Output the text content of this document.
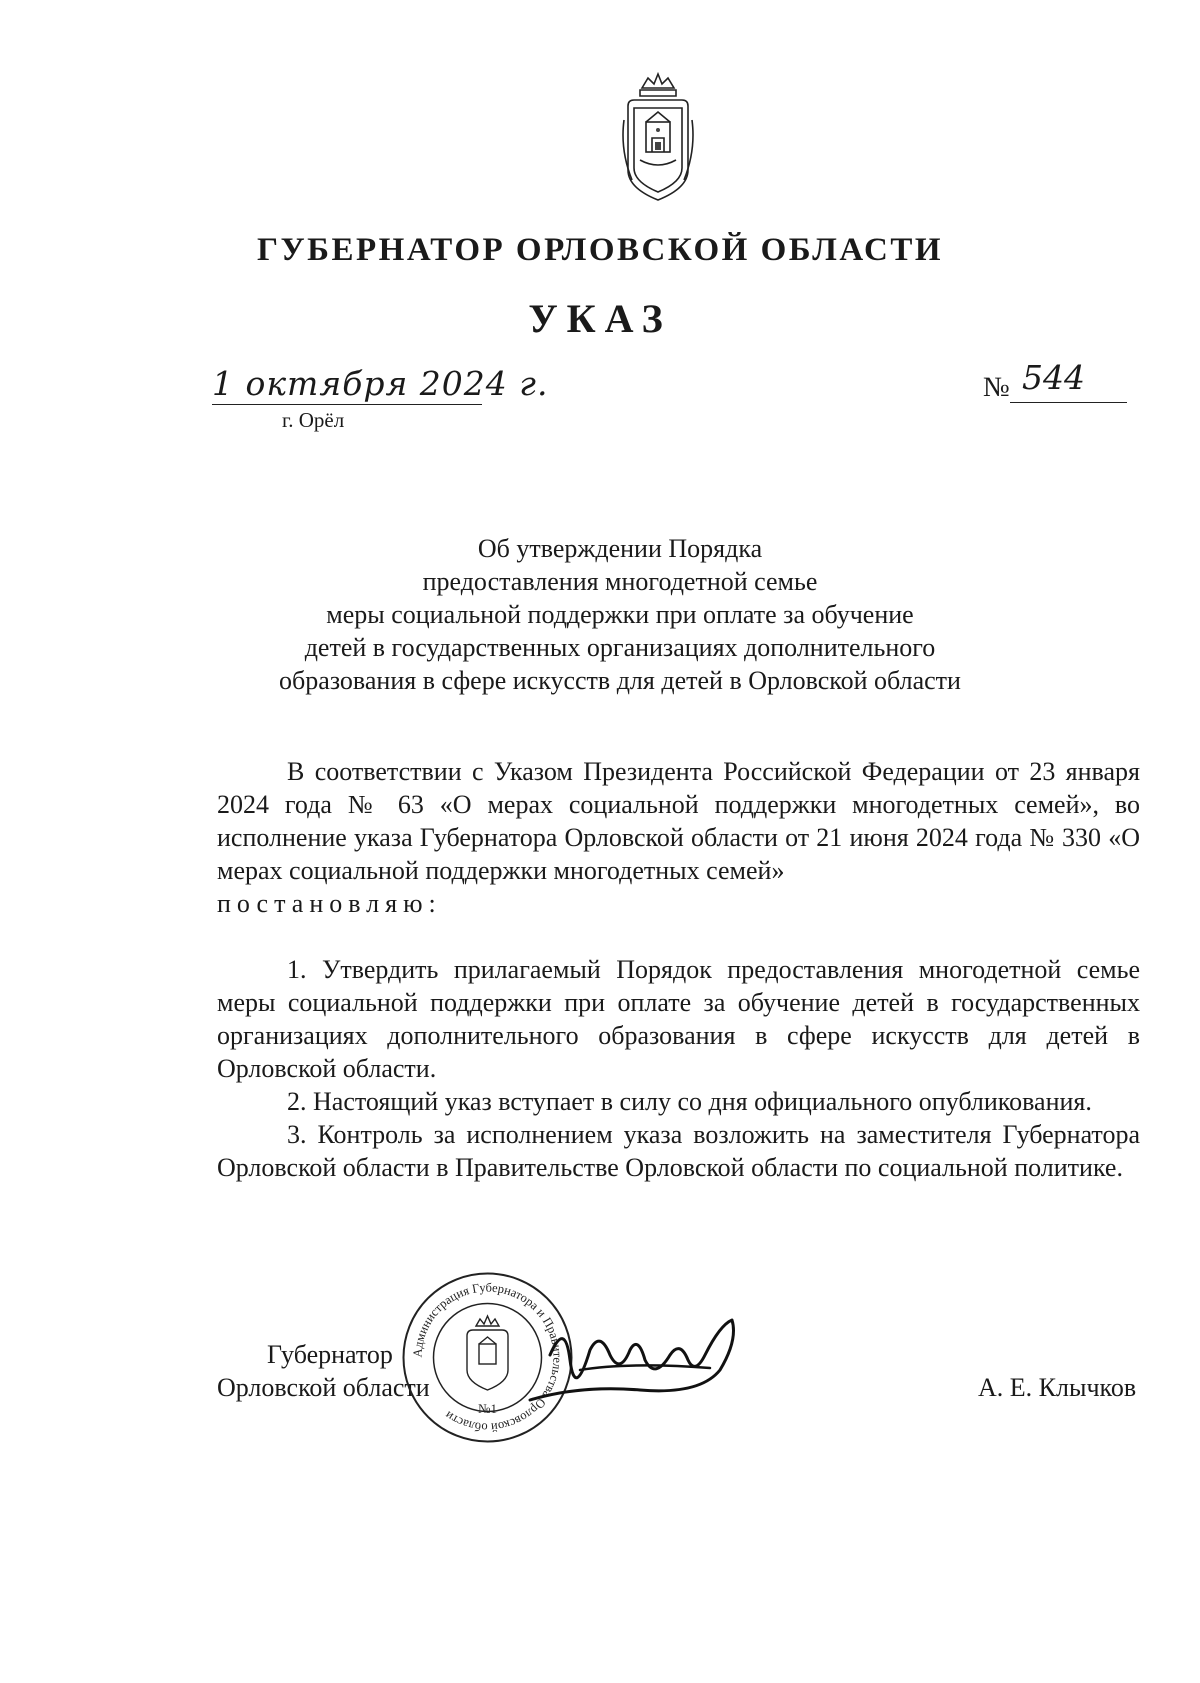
ГУБЕРНАТОР ОРЛОВСКОЙ ОБЛАСТИ
УКАЗ
1 октября 2024 г.
г. Орёл
№ 544
Об утверждении Порядка
предоставления многодетной семье
меры социальной поддержки при оплате за обучение
детей в государственных организациях дополнительного
образования в сфере искусств для детей в Орловской области
В соответствии с Указом Президента Российской Федерации от 23 января 2024 года № 63 «О мерах социальной поддержки многодетных семей», во исполнение указа Губернатора Орловской области от 21 июня 2024 года № 330 «О мерах социальной поддержки многодетных семей»
постановляю:
1. Утвердить прилагаемый Порядок предоставления многодетной семье меры социальной поддержки при оплате за обучение детей в государственных организациях дополнительного образования в сфере искусств для детей в Орловской области.
2. Настоящий указ вступает в силу со дня официального опубликования.
3. Контроль за исполнением указа возложить на заместителя Губернатора Орловской области в Правительстве Орловской области по социальной политике.
Губернатор
Орловской области	А. Е. Клычков
Администрация Губернатора и Правительства Орловской области	№1
